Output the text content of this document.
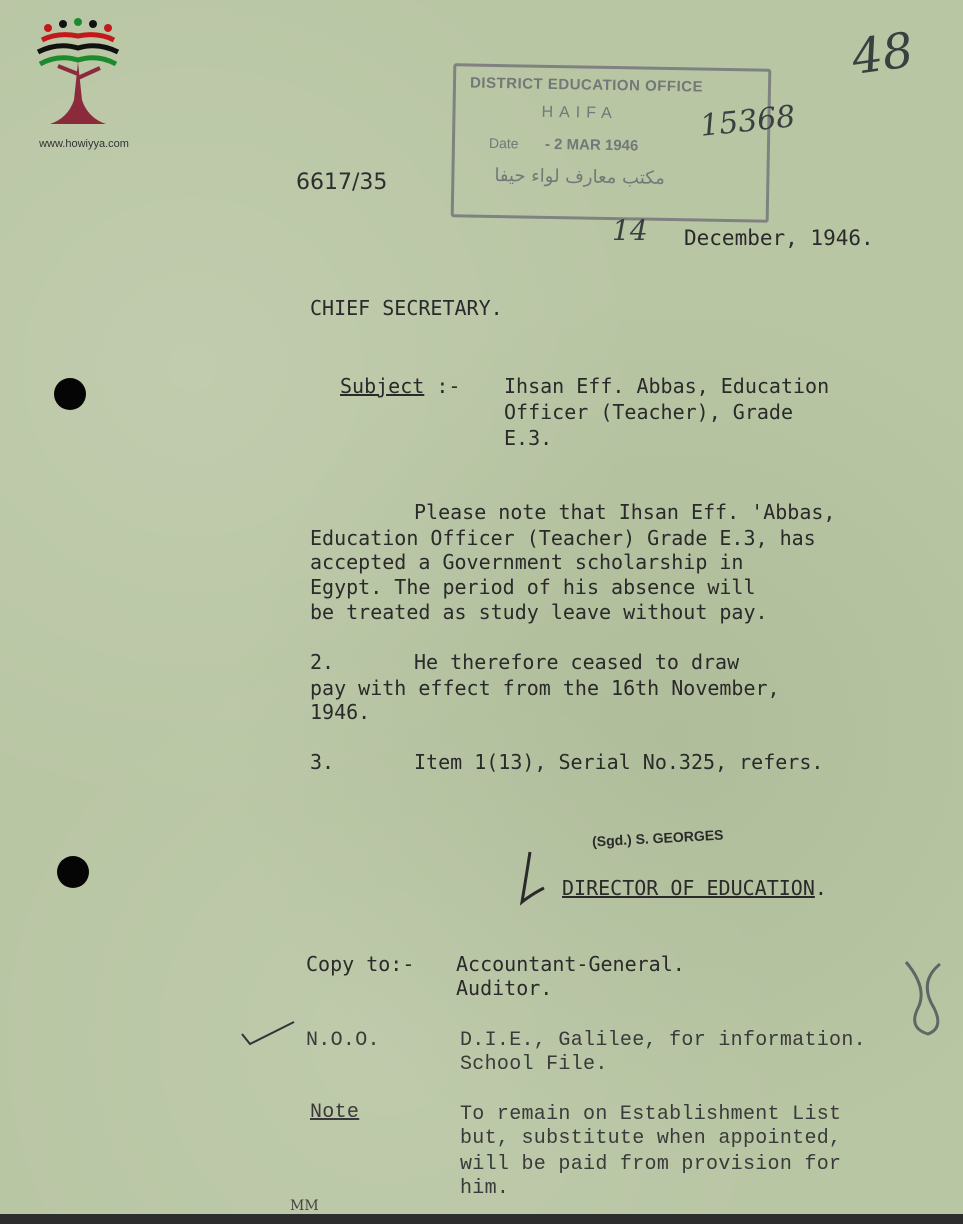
www.howiyya.com
48
DISTRICT EDUCATION OFFICE
HAIFA
Date - 2 MAR 1946
مكتب معارف لواء حيفا
15368
6617/35
14 December, 1946.
CHIEF SECRETARY.
Subject :- Ihsan Eff. Abbas, Education
Officer (Teacher), Grade
E.3.
Please note that Ihsan Eff. 'Abbas,
Education Officer (Teacher) Grade E.3, has
accepted a Government scholarship in
Egypt. The period of his absence will
be treated as study leave without pay.
2.	He therefore ceased to draw
pay with effect from the 16th November,
1946.
3.	Item 1(13), Serial No.325, refers.
(Sgd.) S. GEORGES
DIRECTOR OF EDUCATION.
Copy to:- Accountant-General.
Auditor.
N.O.O.	D.I.E., Galilee, for information.
School File.
Note	To remain on Establishment List
but, substitute when appointed,
will be paid from provision for
him.
MM
